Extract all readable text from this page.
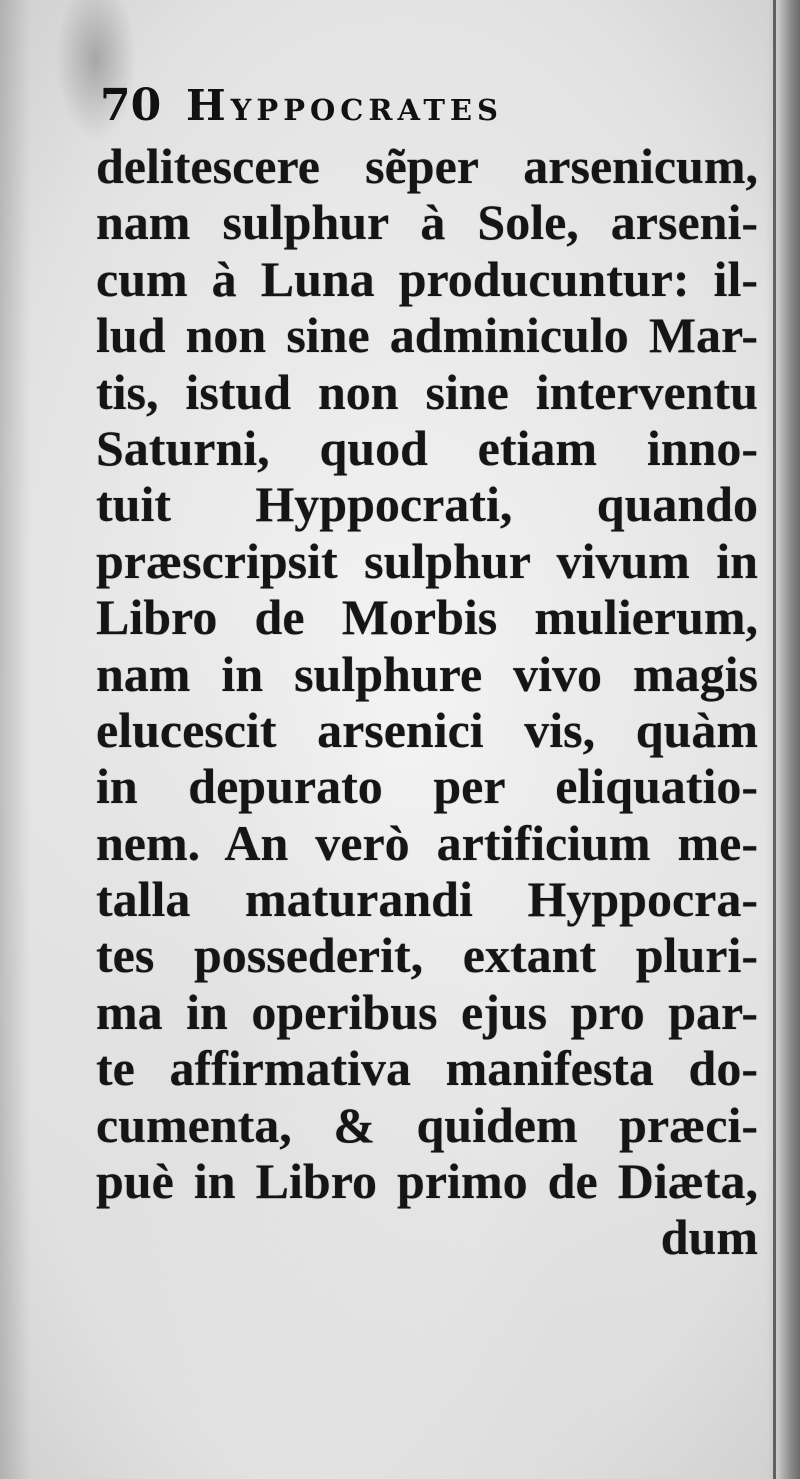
70 Hyppocrates
delitescere sẽper arsenicum,
nam sulphur à Sole, arseni-
cum à Luna producuntur: il-
lud non sine adminiculo Mar-
tis, istud non sine interventu
Saturni, quod etiam inno-
tuit Hyppocrati, quando
præscripsit sulphur vivum in
Libro de Morbis mulierum,
nam in sulphure vivo magis
elucescit arsenici vis, quàm
in depurato per eliquatio-
nem. An verò artificium me-
talla maturandi Hyppocra-
tes possederit, extant pluri-
ma in operibus ejus pro par-
te affirmativa manifesta do-
cumenta, & quidem præci-
puè in Libro primo de Diæta,
dum
